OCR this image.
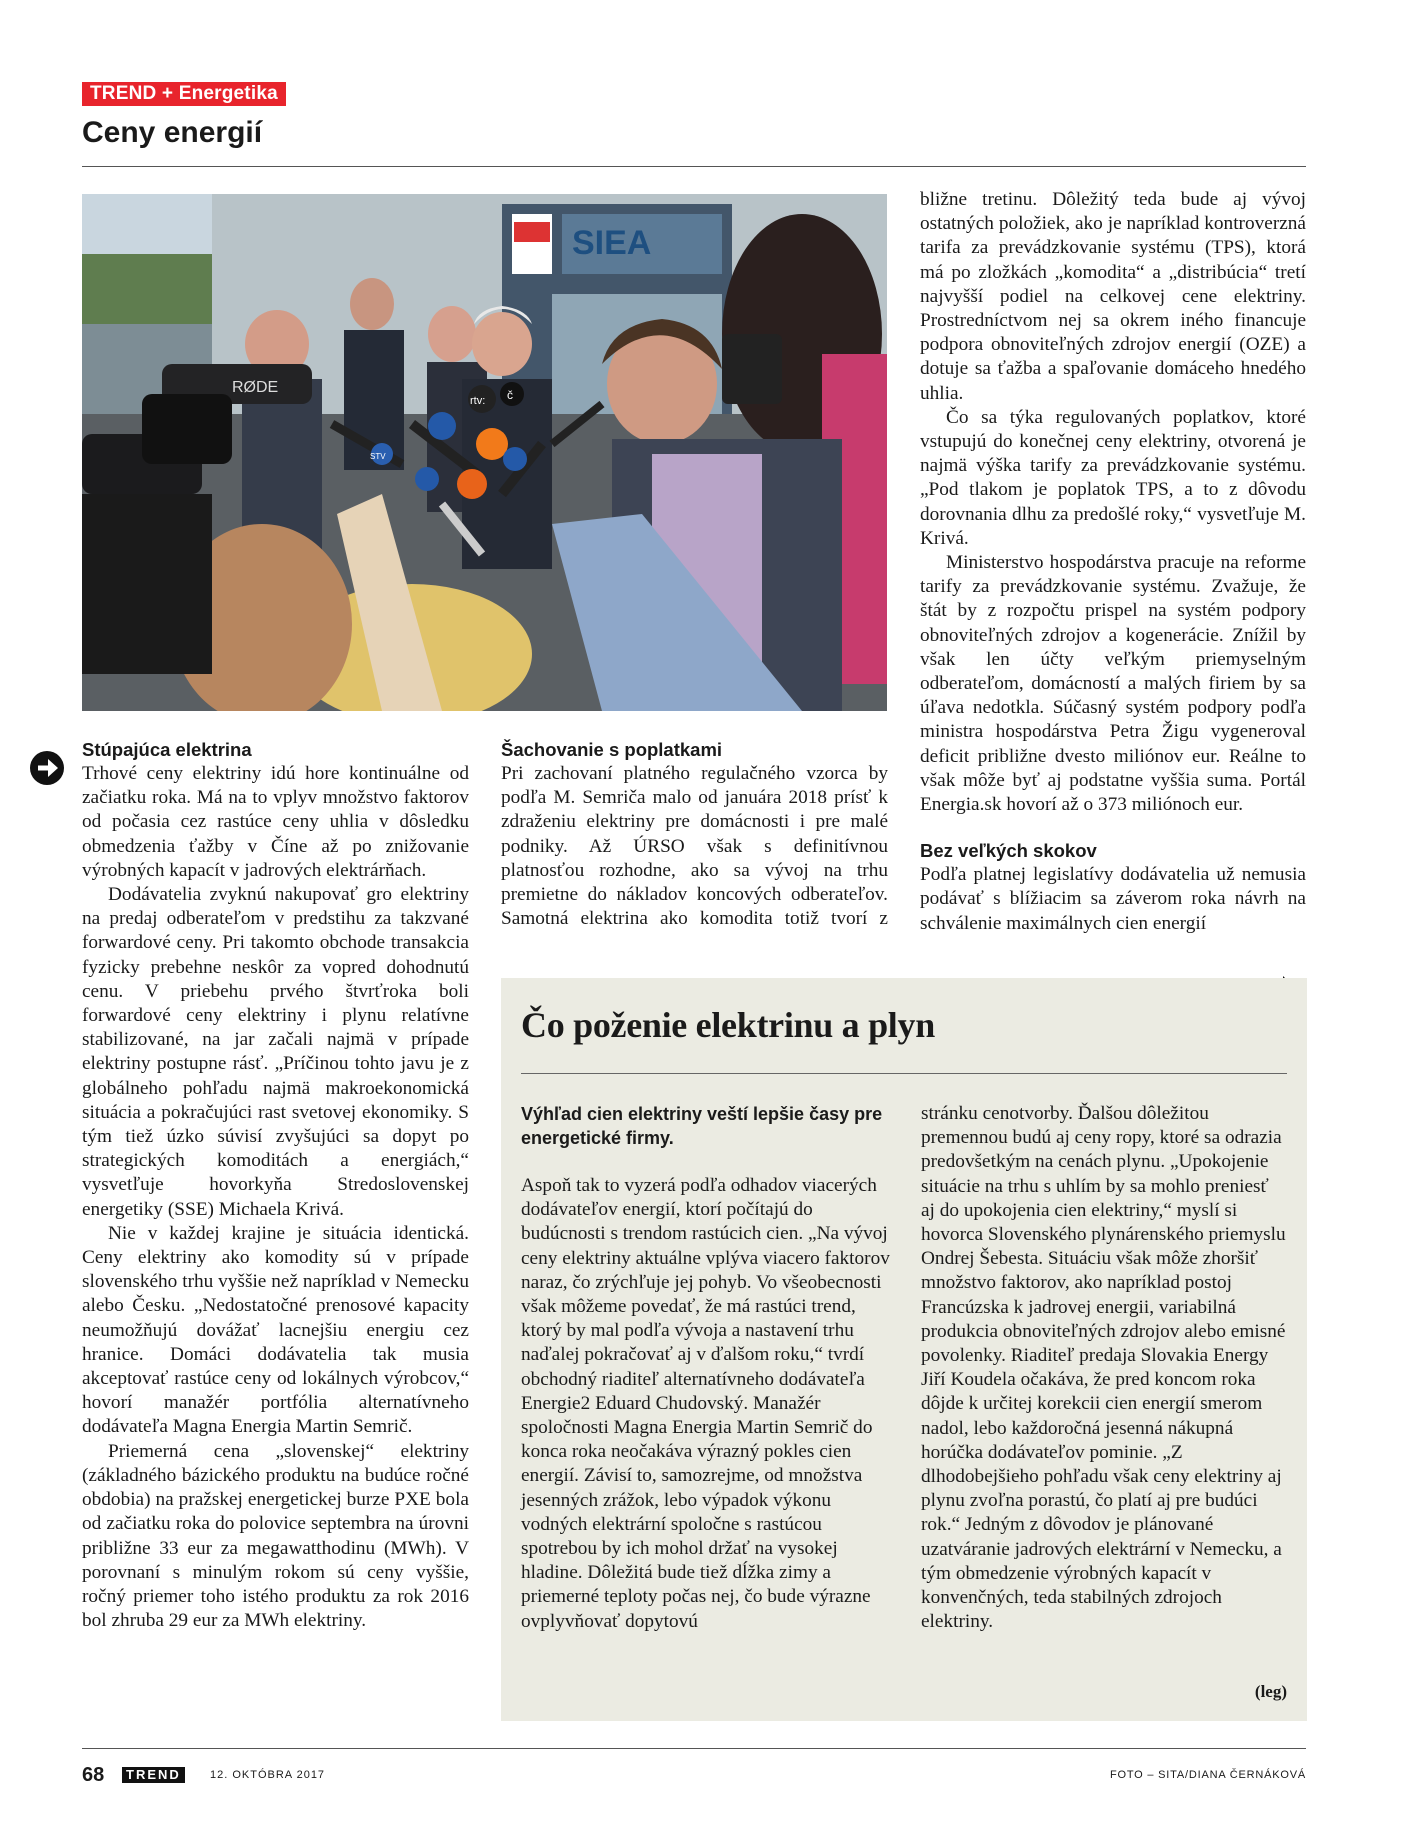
TREND + Energetika
Ceny energií
SIEA
RØDE
rtv: č
STV
Stúpajúca elektrina

Trhové ceny elektriny idú hore kontinuálne od začiatku roka. Má na to vplyv množstvo faktorov od počasia cez rastúce ceny uhlia v dôsledku obmedzenia ťažby v Číne až po znižovanie výrobných kapacít v jadrových elektrárňach.

Dodávatelia zvyknú nakupovať gro elektriny na predaj odberateľom v predstihu za takzvané forwardové ceny. Pri takomto obchode transakcia fyzicky prebehne neskôr za vopred dohodnutú cenu. V priebehu prvého štvrťroka boli forwardové ceny elektriny i plynu relatívne stabilizované, na jar začali najmä v prípade elektriny postupne rásť. „Príčinou tohto javu je z globálneho pohľadu najmä makroekonomická situácia a pokračujúci rast svetovej ekonomiky. S tým tiež úzko súvisí zvyšujúci sa dopyt po strategických komoditách a energiách,“ vysvetľuje hovorkyňa Stredoslovenskej energetiky (SSE) Michaela Krivá.

Nie v každej krajine je situácia identická. Ceny elektriny ako komodity sú v prípade slovenského trhu vyššie než napríklad v Nemecku alebo Česku. „Nedostatočné prenosové kapacity neumožňujú dovážať lacnejšiu energiu cez hranice. Domáci dodávatelia tak musia akceptovať rastúce ceny od lokálnych výrobcov,“ hovorí manažér portfólia alternatívneho dodávateľa Magna Energia Martin Semrič.

Priemerná cena „slovenskej“ elektriny (základného bázického produktu na budúce ročné obdobia) na pražskej energetickej burze PXE bola od začiatku roka do polovice septembra na úrovni približne 33 eur za megawatthodinu (MWh). V porovnaní s minulým rokom sú ceny vyššie, ročný priemer toho istého produktu za rok 2016 bol zhruba 29 eur za MWh elektriny.

Šachovanie s poplatkami

Pri zachovaní platného regulačného vzorca by podľa M. Semriča malo od januára 2018 prísť k zdraženiu elektriny pre domácnosti i pre malé podniky. Až ÚRSO však s definitívnou platnosťou rozhodne, ako sa vývoj na trhu premietne do nákladov koncových odberateľov. Samotná elektrina ako komodita totiž tvorí z

bližne tretinu. Dôležitý teda bude aj vývoj ostatných položiek, ako je napríklad kontroverzná tarifa za prevádzkovanie systému (TPS), ktorá má po zložkách „komodita“ a „distribúcia“ tretí najvyšší podiel na celkovej cene elektriny. Prostredníctvom nej sa okrem iného financuje podpora obnoviteľných zdrojov energií (OZE) a dotuje sa ťažba a spaľovanie domáceho hnedého uhlia.

Čo sa týka regulovaných poplatkov, ktoré vstupujú do konečnej ceny elektriny, otvorená je najmä výška tarify za prevádzkovanie systému. „Pod tlakom je poplatok TPS, a to z dôvodu dorovnania dlhu za predošlé roky,“ vysvetľuje M. Krivá.

Ministerstvo hospodárstva pracuje na reforme tarify za prevádzkovanie systému. Zvažuje, že štát by z rozpočtu prispel na systém podpory obnoviteľných zdrojov a kogenerácie. Znížil by však len účty veľkým priemyselným odberateľom, domácností a malých firiem by sa úľava nedotkla. Súčasný systém podpory podľa ministra hospodárstva Petra Žigu vygeneroval deficit približne dvesto miliónov eur. Reálne to však môže byť aj podstatne vyššia suma. Portál Energia.sk hovorí až o 373 miliónoch eur.

Bez veľkých skokov

Podľa platnej legislatívy dodávatelia už nemusia podávať s blížiacim sa záverom roka návrh na schválenie maximálnych cien energií

Čo poženie elektrinu a plyn

Výhľad cien elektriny veští lepšie časy pre energetické firmy.

Aspoň tak to vyzerá podľa odhadov viacerých dodávateľov energií, ktorí počítajú do budúcnosti s trendom rastúcich cien. „Na vývoj ceny elektriny aktuálne vplýva viacero faktorov naraz, čo zrýchľuje jej pohyb. Vo všeobecnosti však môžeme povedať, že má rastúci trend, ktorý by mal podľa vývoja a nastavení trhu naďalej pokračovať aj v ďalšom roku,“ tvrdí obchodný riaditeľ alternatívneho dodávateľa Energie2 Eduard Chudovský. Manažér spoločnosti Magna Energia Martin Semrič do konca roka neočakáva výrazný pokles cien energií. Závisí to, samozrejme, od množstva jesenných zrážok, lebo výpadok výkonu vodných elektrární spoločne s rastúcou spotrebou by ich mohol držať na vysokej hladine. Dôležitá bude tiež dĺžka zimy a priemerné teploty počas nej, čo bude výrazne ovplyvňovať dopytovú

stránku cenotvorby. Ďalšou dôležitou premennou budú aj ceny ropy, ktoré sa odrazia predovšetkým na cenách plynu. „Upokojenie situácie na trhu s uhlím by sa mohlo preniesť aj do upokojenia cien elektriny,“ myslí si hovorca Slovenského plynárenského priemyslu Ondrej Šebesta. Situáciu však môže zhoršiť množstvo faktorov, ako napríklad postoj Francúzska k jadrovej energii, variabilná produkcia obnoviteľných zdrojov alebo emisné povolenky. Riaditeľ predaja Slovakia Energy Jiří Koudela očakáva, že pred koncom roka dôjde k určitej korekcii cien energií smerom nadol, lebo každoročná jesenná nákupná horúčka dodávateľov pominie. „Z dlhodobejšieho pohľadu však ceny elektriny aj plynu zvoľna porastú, čo platí aj pre budúci rok.“ Jedným z dôvodov je plánované uzatváranie jadrových elektrární v Nemecku, a tým obmedzenie výrobných kapacít v konvenčných, teda stabilných zdrojoch elektriny.

(leg)
68	TREND	12. OKTÓBRA 2017	FOTO – SITA/DIANA ČERNÁKOVÁ
